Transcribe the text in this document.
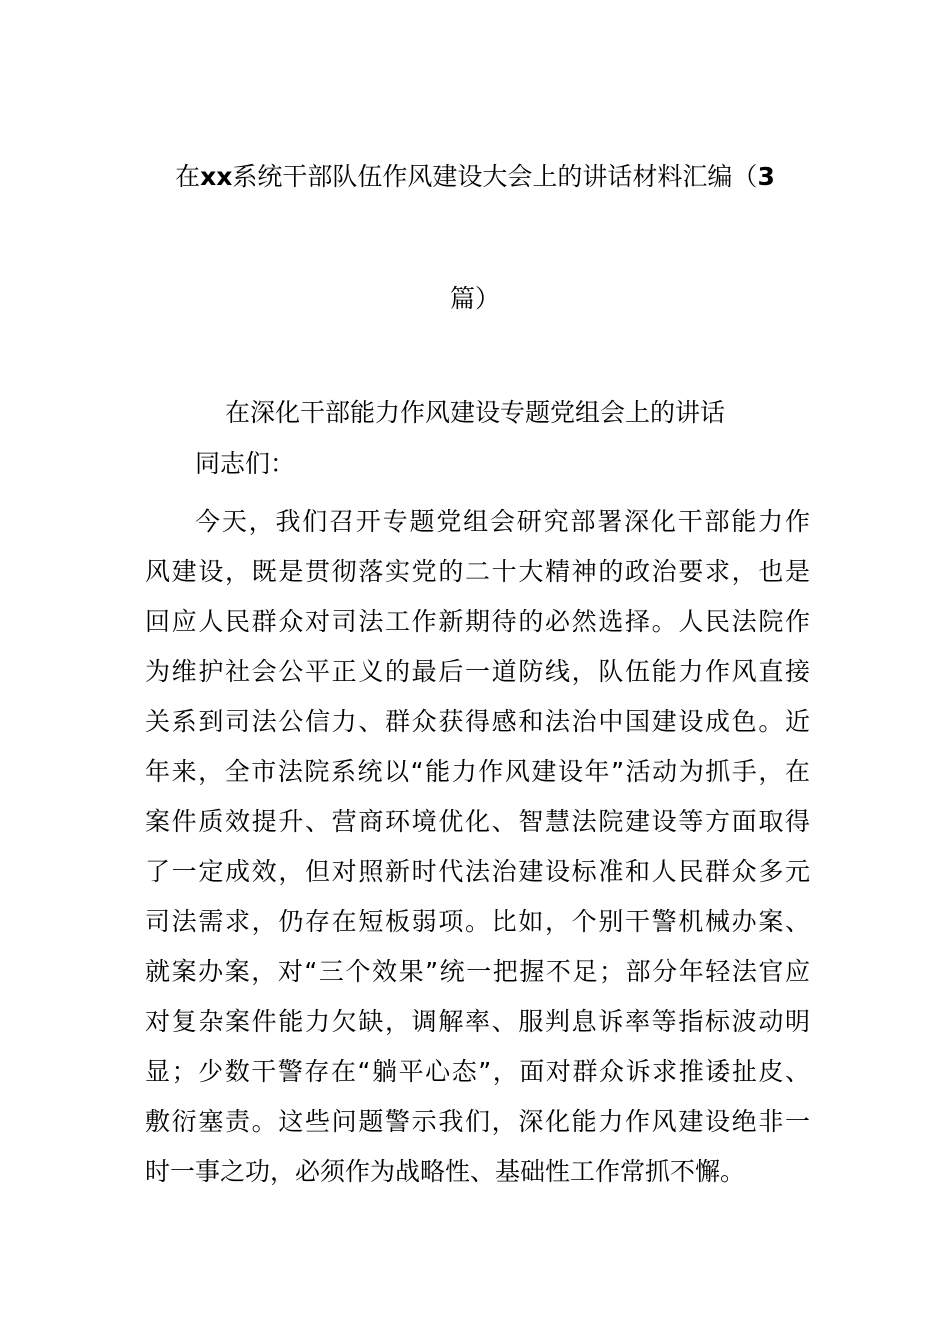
在xx系统干部队伍作风建设大会上的讲话材料汇编（3
篇）
在深化干部能力作风建设专题党组会上的讲话
同志们：
今天，我们召开专题党组会研究部署深化干部能力作
风建设，既是贯彻落实党的二十大精神的政治要求，也是
回应人民群众对司法工作新期待的必然选择。人民法院作
为维护社会公平正义的最后一道防线，队伍能力作风直接
关系到司法公信力、群众获得感和法治中国建设成色。近
年来，全市法院系统以“能力作风建设年”活动为抓手，在
案件质效提升、营商环境优化、智慧法院建设等方面取得
了一定成效，但对照新时代法治建设标准和人民群众多元
司法需求，仍存在短板弱项。比如，个别干警机械办案、
就案办案，对“三个效果”统一把握不足；部分年轻法官应
对复杂案件能力欠缺，调解率、服判息诉率等指标波动明
显；少数干警存在“躺平心态”，面对群众诉求推诿扯皮、
敷衍塞责。这些问题警示我们，深化能力作风建设绝非一
时一事之功，必须作为战略性、基础性工作常抓不懈。
